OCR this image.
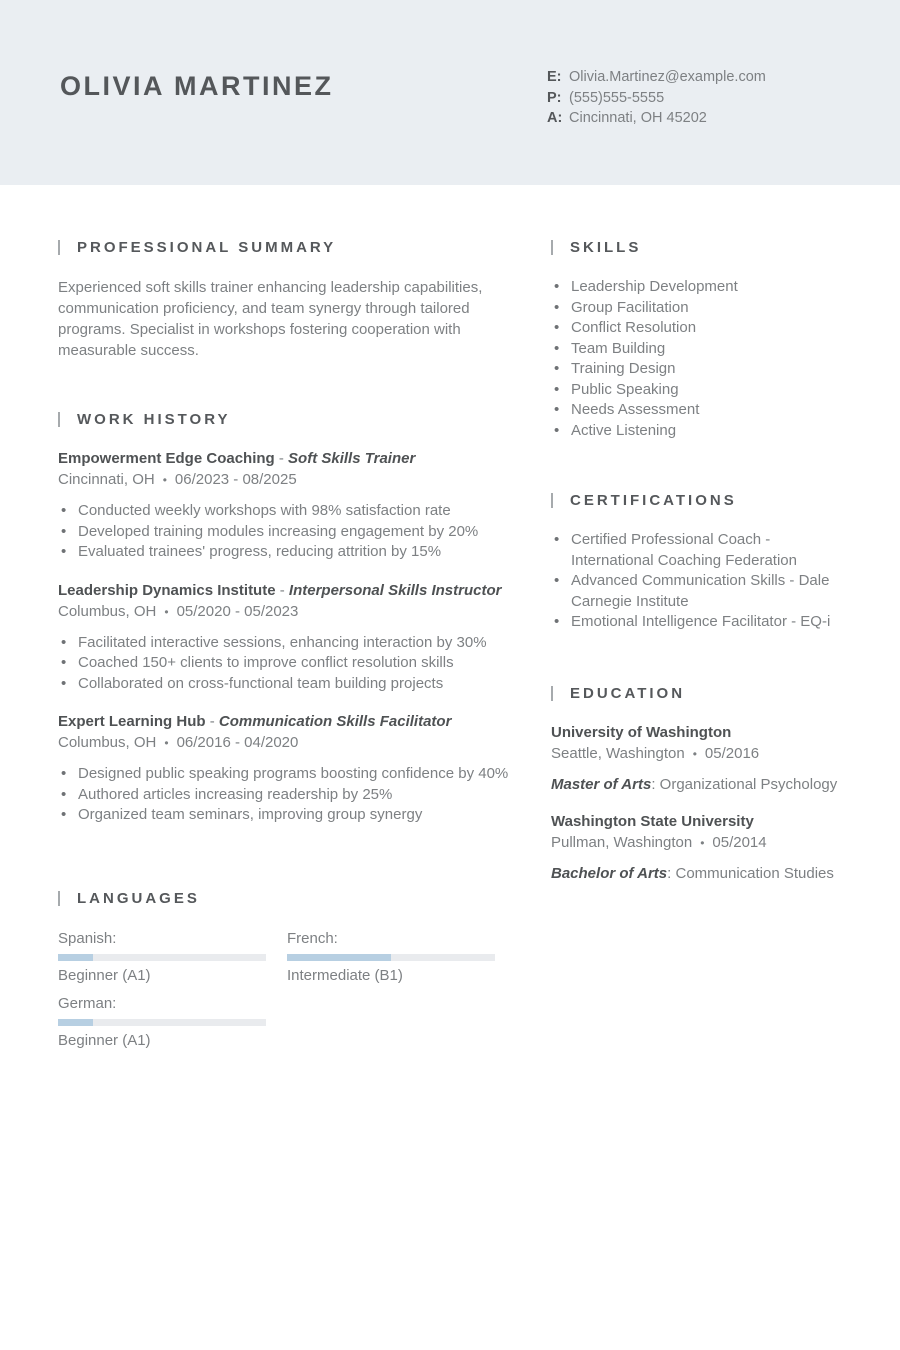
OLIVIA MARTINEZ	E: Olivia.Martinez@example.com
P: (555)555-5555
A: Cincinnati, OH 45202
PROFESSIONAL SUMMARY

Experienced soft skills trainer enhancing leadership capabilities, communication proficiency, and team synergy through tailored programs. Specialist in workshops fostering cooperation with measurable success.

WORK HISTORY
Empowerment Edge Coaching - Soft Skills Trainer
Cincinnati, OH • 06/2023 - 08/2025
• Conducted weekly workshops with 98% satisfaction rate
• Developed training modules increasing engagement by 20%
• Evaluated trainees' progress, reducing attrition by 15%
Leadership Dynamics Institute - Interpersonal Skills Instructor
Columbus, OH • 05/2020 - 05/2023
• Facilitated interactive sessions, enhancing interaction by 30%
• Coached 150+ clients to improve conflict resolution skills
• Collaborated on cross-functional team building projects
Expert Learning Hub - Communication Skills Facilitator
Columbus, OH • 06/2016 - 04/2020
• Designed public speaking programs boosting confidence by 40%
• Authored articles increasing readership by 25%
• Organized team seminars, improving group synergy
LANGUAGES
Spanish:
Beginner (A1)
French:
Intermediate (B1)
German:
Beginner (A1)
SKILLS
• Leadership Development
• Group Facilitation
• Conflict Resolution
• Team Building
• Training Design
• Public Speaking
• Needs Assessment
• Active Listening
CERTIFICATIONS
• Certified Professional Coach - International Coaching Federation
• Advanced Communication Skills - Dale Carnegie Institute
• Emotional Intelligence Facilitator - EQ-i
EDUCATION
University of Washington
Seattle, Washington • 05/2016
Master of Arts: Organizational Psychology
Washington State University
Pullman, Washington • 05/2014
Bachelor of Arts: Communication Studies
